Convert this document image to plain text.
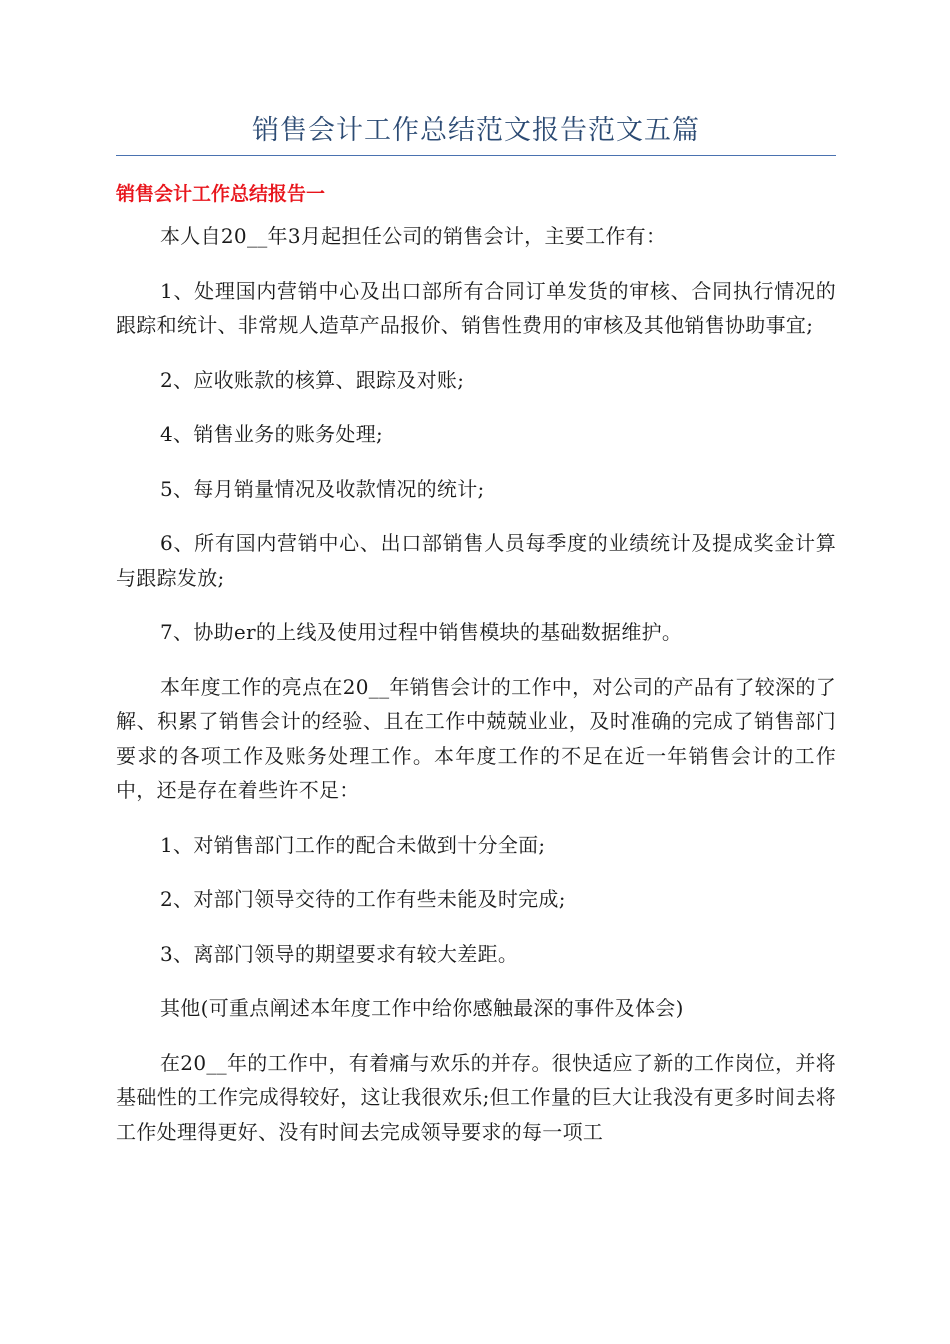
销售会计工作总结范文报告范文五篇
销售会计工作总结报告一

本人自20__年3月起担任公司的销售会计，主要工作有：

1、处理国内营销中心及出口部所有合同订单发货的审核、合同执行情况的跟踪和统计、非常规人造草产品报价、销售性费用的审核及其他销售协助事宜;

2、应收账款的核算、跟踪及对账;

4、销售业务的账务处理;

5、每月销量情况及收款情况的统计;

6、所有国内营销中心、出口部销售人员每季度的业绩统计及提成奖金计算与跟踪发放;

7、协助er的上线及使用过程中销售模块的基础数据维护。

本年度工作的亮点在20__年销售会计的工作中，对公司的产品有了较深的了解、积累了销售会计的经验、且在工作中兢兢业业，及时准确的完成了销售部门要求的各项工作及账务处理工作。本年度工作的不足在近一年销售会计的工作中，还是存在着些许不足：

1、对销售部门工作的配合未做到十分全面;

2、对部门领导交待的工作有些未能及时完成;

3、离部门领导的期望要求有较大差距。

其他(可重点阐述本年度工作中给你感触最深的事件及体会)

在20__年的工作中，有着痛与欢乐的并存。很快适应了新的工作岗位，并将基础性的工作完成得较好，这让我很欢乐;但工作量的巨大让我没有更多时间去将工作处理得更好、没有时间去完成领导要求的每一项工
